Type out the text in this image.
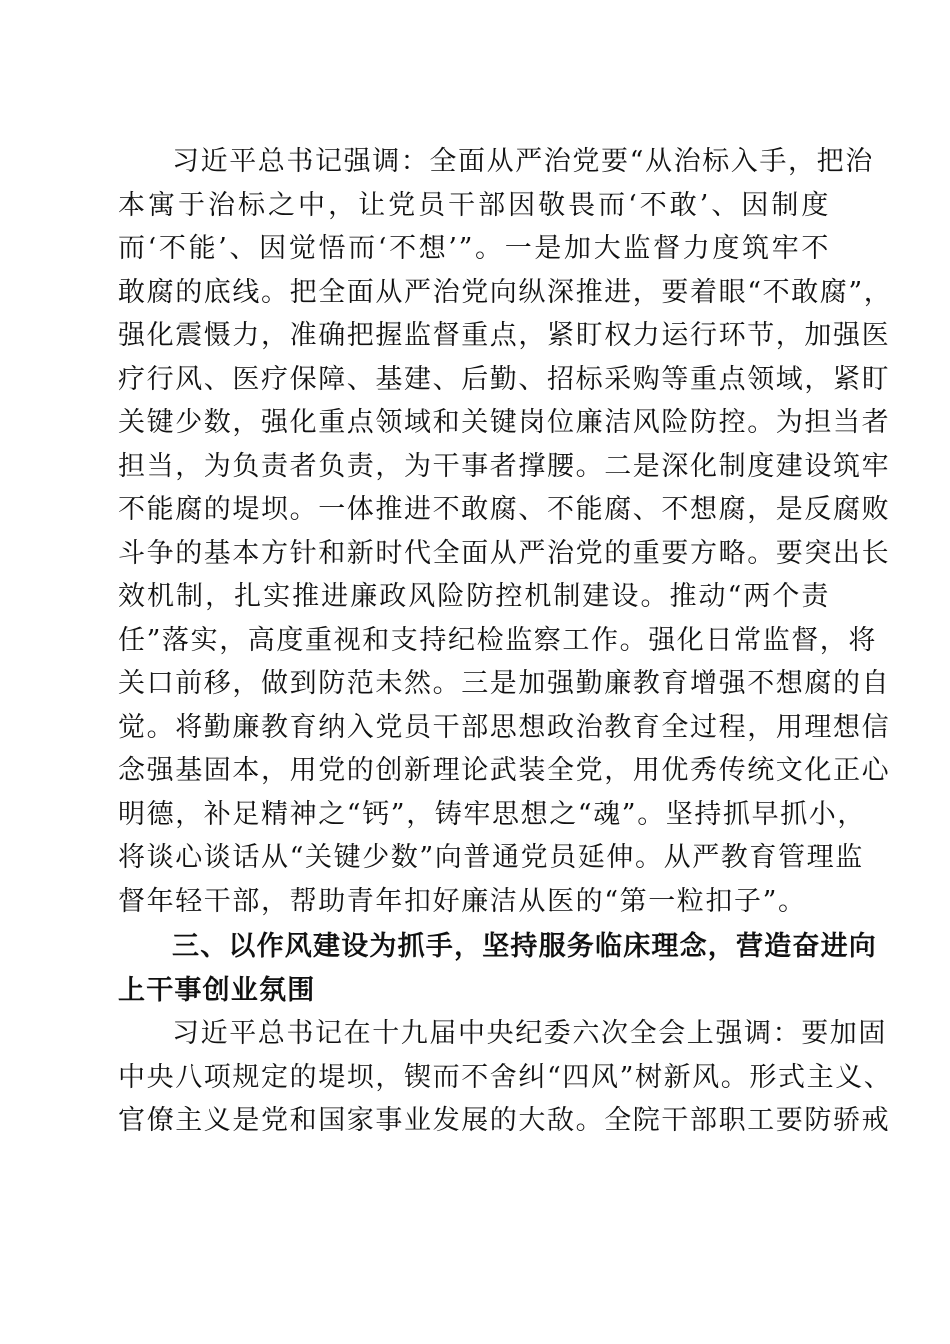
习近平总书记强调：全面从严治党要“从治标入手，把治
本寓于治标之中，让党员干部因敬畏而‘不敢’、因制度
而‘不能’、因觉悟而‘不想’”。一是加大监督力度筑牢不
敢腐的底线。把全面从严治党向纵深推进，要着眼“不敢腐”，
强化震慑力，准确把握监督重点，紧盯权力运行环节，加强医
疗行风、医疗保障、基建、后勤、招标采购等重点领域，紧盯
关键少数，强化重点领域和关键岗位廉洁风险防控。为担当者
担当，为负责者负责，为干事者撑腰。二是深化制度建设筑牢
不能腐的堤坝。一体推进不敢腐、不能腐、不想腐，是反腐败
斗争的基本方针和新时代全面从严治党的重要方略。要突出长
效机制，扎实推进廉政风险防控机制建设。推动“两个责
任”落实，高度重视和支持纪检监察工作。强化日常监督，将
关口前移，做到防范未然。三是加强勤廉教育增强不想腐的自
觉。将勤廉教育纳入党员干部思想政治教育全过程，用理想信
念强基固本，用党的创新理论武装全党，用优秀传统文化正心
明德，补足精神之“钙”，铸牢思想之“魂”。坚持抓早抓小，
将谈心谈话从“关键少数”向普通党员延伸。从严教育管理监
督年轻干部，帮助青年扣好廉洁从医的“第一粒扣子”。
三、以作风建设为抓手，坚持服务临床理念，营造奋进向
上干事创业氛围
习近平总书记在十九届中央纪委六次全会上强调：要加固
中央八项规定的堤坝，锲而不舍纠“四风”树新风。形式主义、
官僚主义是党和国家事业发展的大敌。全院干部职工要防骄戒
